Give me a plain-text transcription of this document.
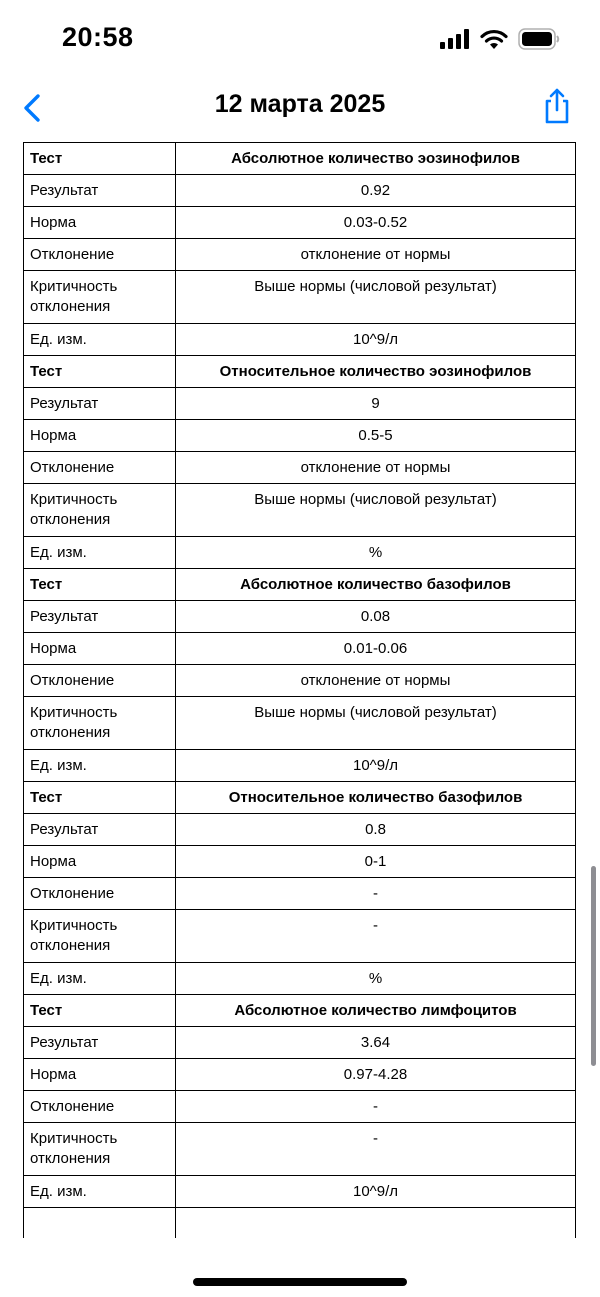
20:58
12 марта 2025
Тест	Абсолютное количество эозинофилов
Результат	0.92
Норма	0.03-0.52
Отклонение	отклонение от нормы
Критичность отклонения	Выше нормы (числовой результат)
Ед. изм.	10^9/л
Тест	Относительное количество эозинофилов
Результат	9
Норма	0.5-5
Отклонение	отклонение от нормы
Критичность отклонения	Выше нормы (числовой результат)
Ед. изм.	%
Тест	Абсолютное количество базофилов
Результат	0.08
Норма	0.01-0.06
Отклонение	отклонение от нормы
Критичность отклонения	Выше нормы (числовой результат)
Ед. изм.	10^9/л
Тест	Относительное количество базофилов
Результат	0.8
Норма	0-1
Отклонение	-
Критичность отклонения	-
Ед. изм.	%
Тест	Абсолютное количество лимфоцитов
Результат	3.64
Норма	0.97-4.28
Отклонение	-
Критичность отклонения	-
Ед. изм.	10^9/л
